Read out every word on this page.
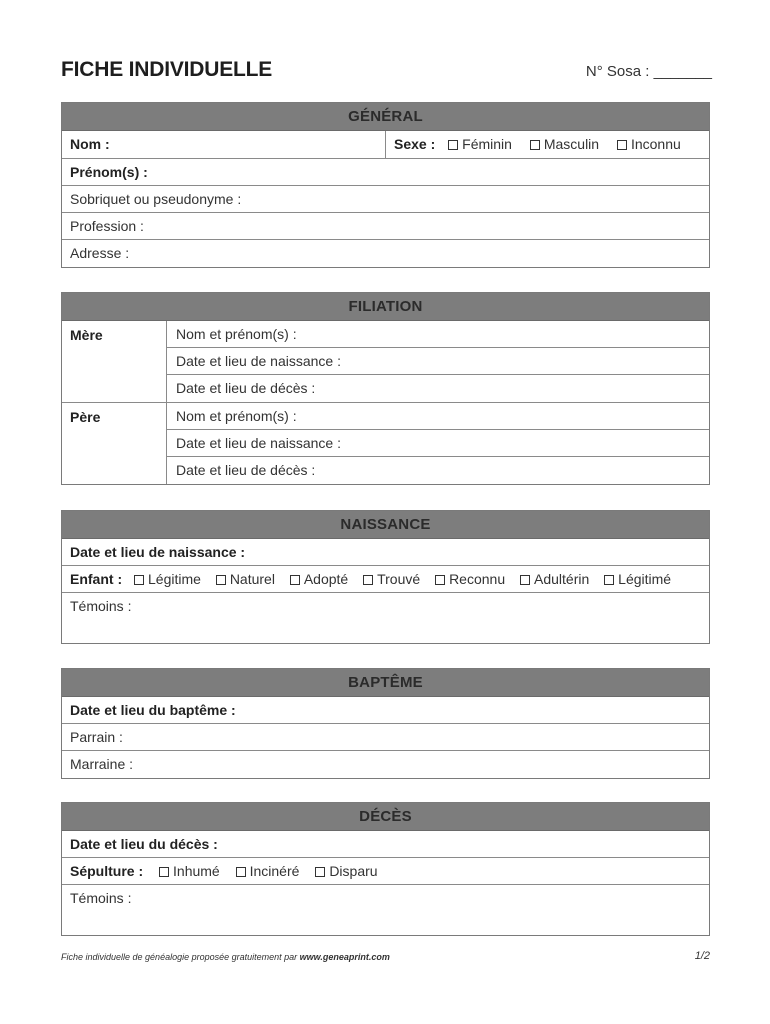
FICHE INDIVIDUELLE	N° Sosa : _______
GÉNÉRAL
Nom :	Sexe : Féminin Masculin Inconnu
Prénom(s) :
Sobriquet ou pseudonyme :
Profession :
Adresse :
FILIATION
Mère	Nom et prénom(s) :
Date et lieu de naissance :
Date et lieu de décès :
Père	Nom et prénom(s) :
Date et lieu de naissance :
Date et lieu de décès :
NAISSANCE
Date et lieu de naissance :
Enfant : Légitime Naturel Adopté Trouvé Reconnu Adultérin Légitimé
Témoins :
BAPTÊME
Date et lieu du baptême :
Parrain :
Marraine :
DÉCÈS
Date et lieu du décès :
Sépulture : Inhumé Incinéré Disparu
Témoins :
Fiche individuelle de généalogie proposée gratuitement par www.geneaprint.com	1/2
